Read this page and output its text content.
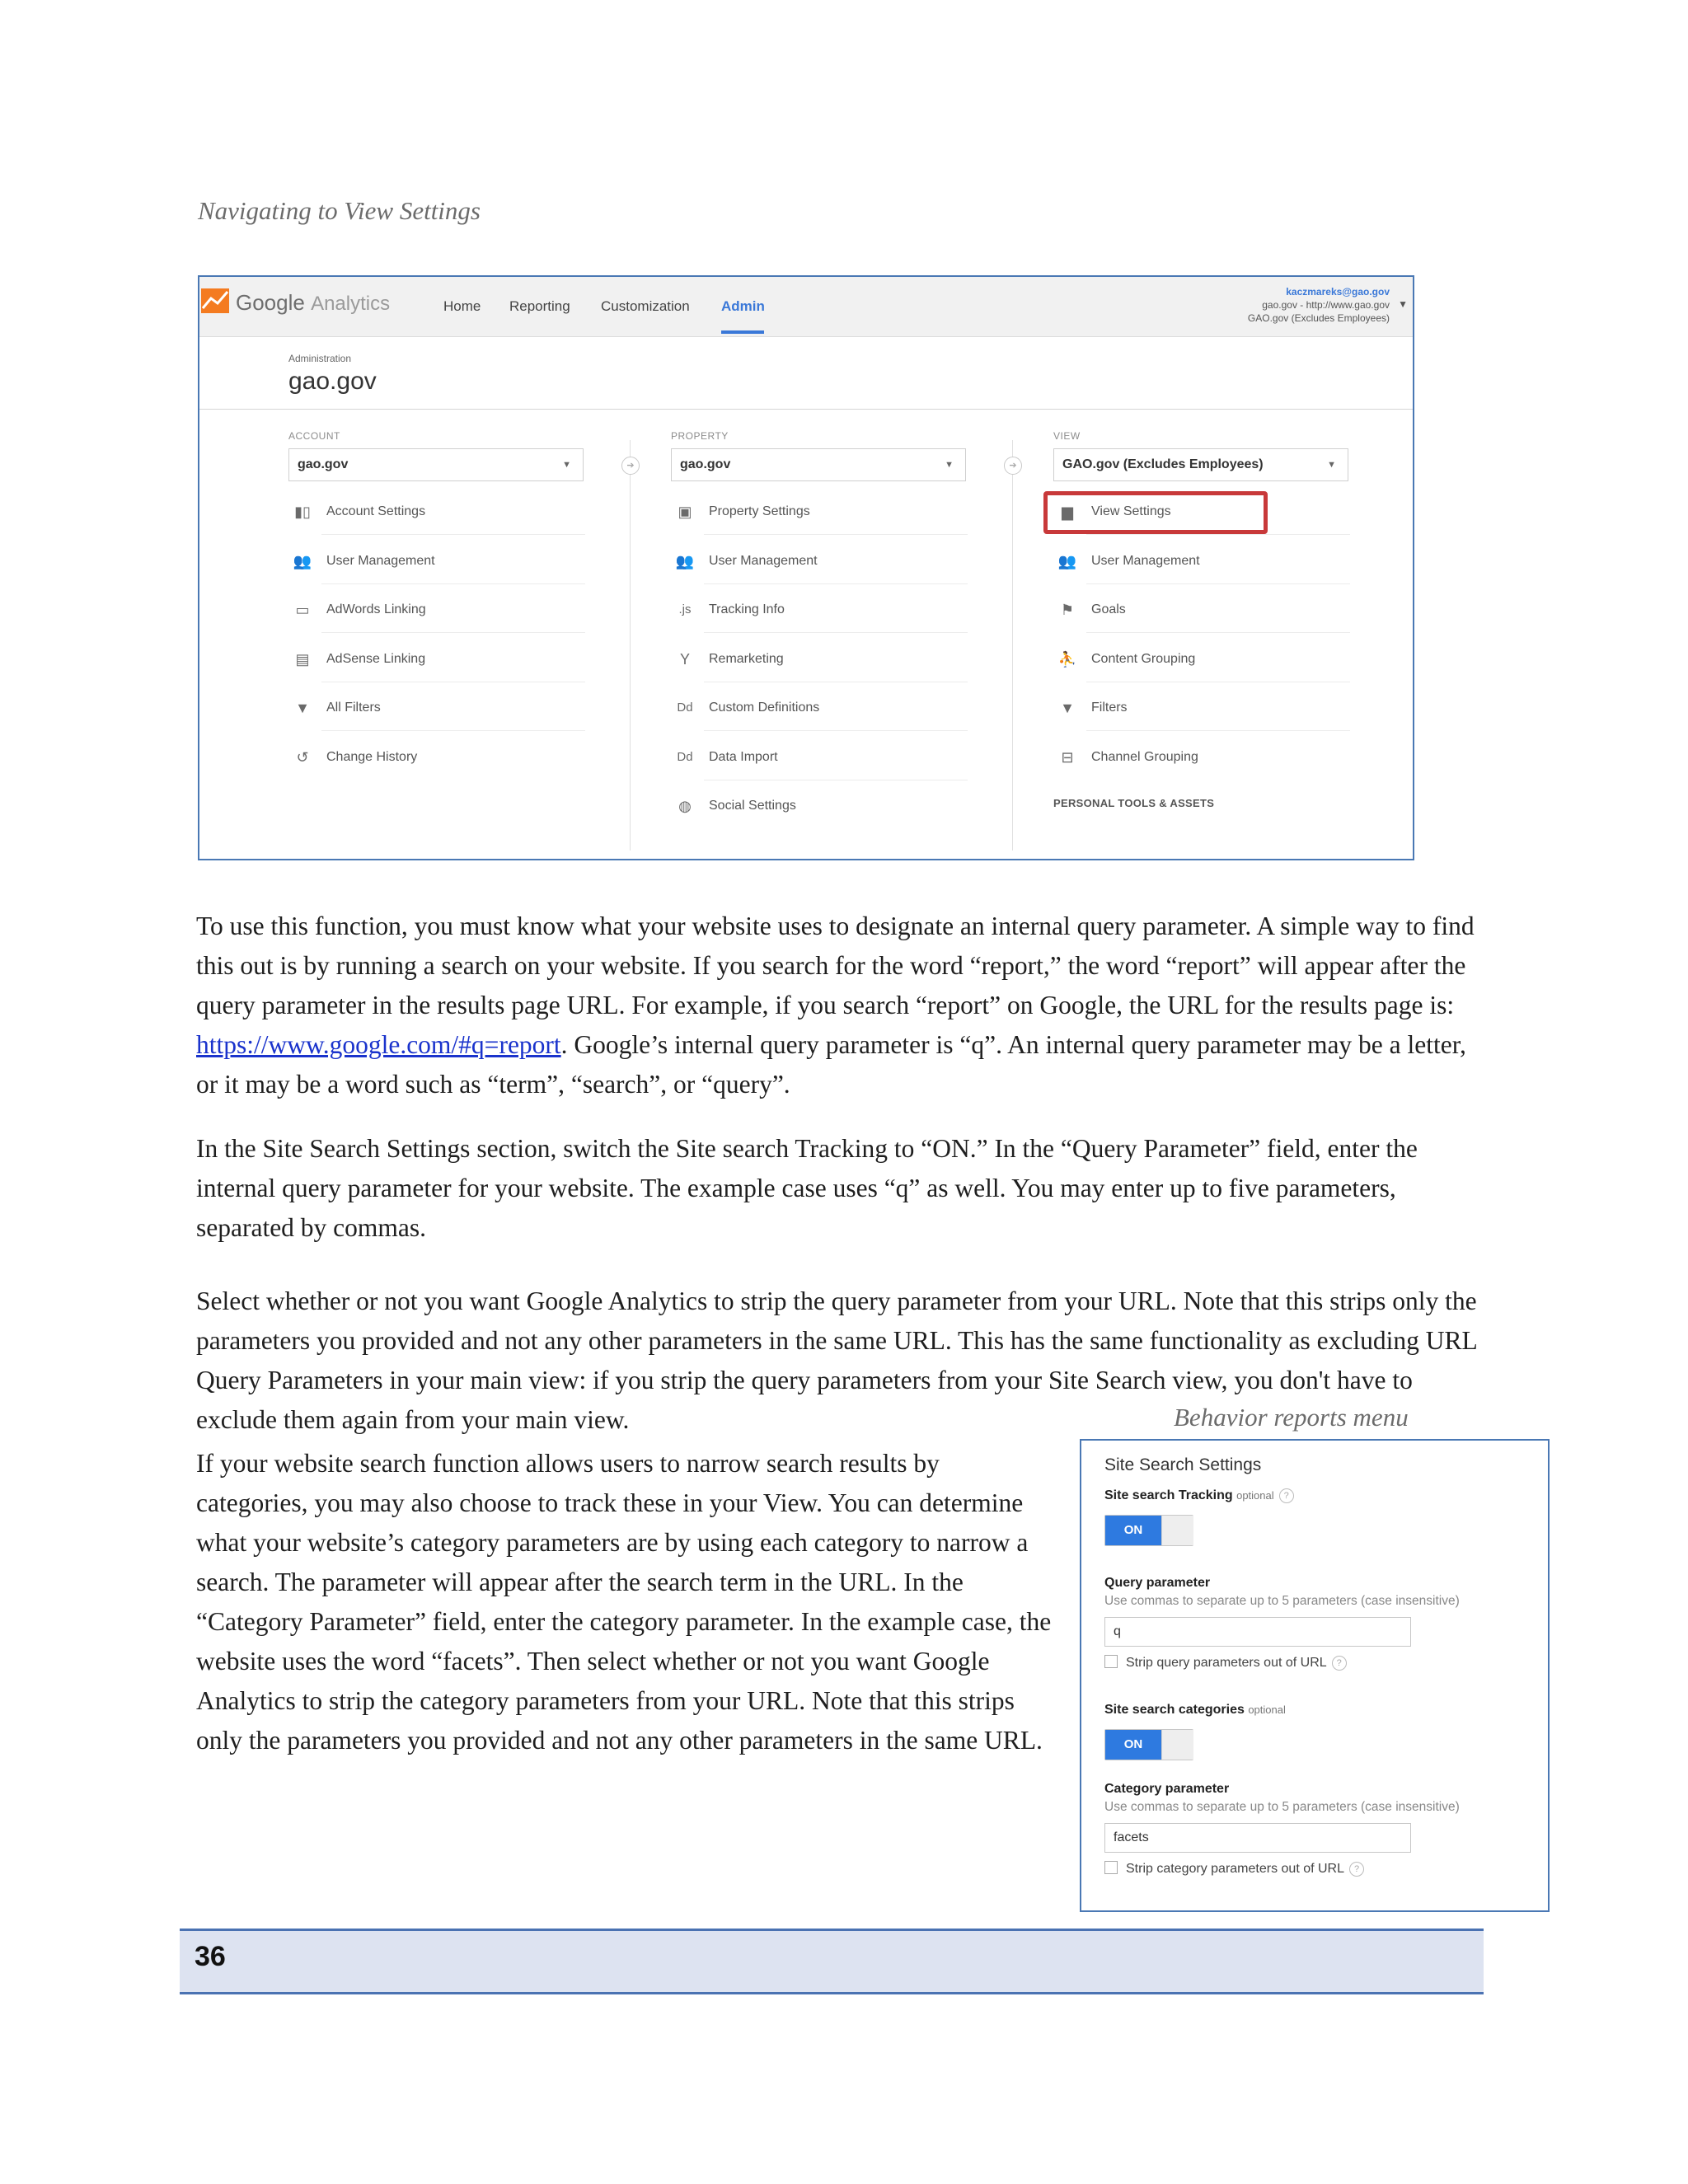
Navigating to View Settings
Google Analytics	Home Reporting Customization Admin
kaczmareks@gao.gov
gao.gov - http://www.gao.gov
GAO.gov (Excludes Employees)
▼
Administration
gao.gov
➔	➔
ACCOUNT
gao.gov	▼
▮▯	Account Settings
👥 User Management
▭	AdWords Linking
▤	AdSense Linking
▼	All Filters
↺	Change History
PROPERTY
gao.gov	▼
▣	Property Settings
👥 User Management
.js	Tracking Info
Y	Remarketing
Dd	Custom Definitions
Dd	Data Import
◍	Social Settings
VIEW
GAO.gov (Excludes Employees)	▼
▆	View Settings
👥 User Management
⚑	Goals
⛹ Content Grouping
▼	Filters
⊟	Channel Grouping
PERSONAL TOOLS & ASSETS
To use this function, you must know what your website uses to designate an internal query parameter. A simple way to find this out is by running a search on your website. If you search for the word “report,” the word “report” will appear after the query parameter in the results page URL. For example, if you search “report” on Google, the URL for the results page is: https://www.google.com/#q=report. Google’s internal query parameter is “q”. An internal query parameter may be a letter, or it may be a word such as “term”, “search”, or “query”.
In the Site Search Settings section, switch the Site search Tracking to “ON.” In the “Query Parameter” field, enter the internal query parameter for your website. The example case uses “q” as well. You may enter up to five parameters, separated by commas.
Select whether or not you want Google Analytics to strip the query parameter from your URL. Note that this strips only the parameters you provided and not any other parameters in the same URL. This has the same functionality as excluding URL Query Parameters in your main view: if you strip the query parameters from your Site Search view, you don't have to exclude them again from your main view.	Behavior reports menu
If your website search function allows users to narrow search results by categories, you may also choose to track these in your View. You can determine what your website’s category parameters are by using each category to narrow a search. The parameter will appear after the search term in the URL. In the “Category Parameter” field, enter the category parameter. In the example case, the website uses the word “facets”. Then select whether or not you want Google Analytics to strip the category parameters from your URL. Note that this strips only the parameters you provided and not any other parameters in the same URL.
Site Search Settings
Site search Tracking optional ?
ON
Query parameter
Use commas to separate up to 5 parameters (case insensitive)
q
Strip query parameters out of URL ?
Site search categories optional
ON
Category parameter
Use commas to separate up to 5 parameters (case insensitive)
facets
Strip category parameters out of URL ?
36
